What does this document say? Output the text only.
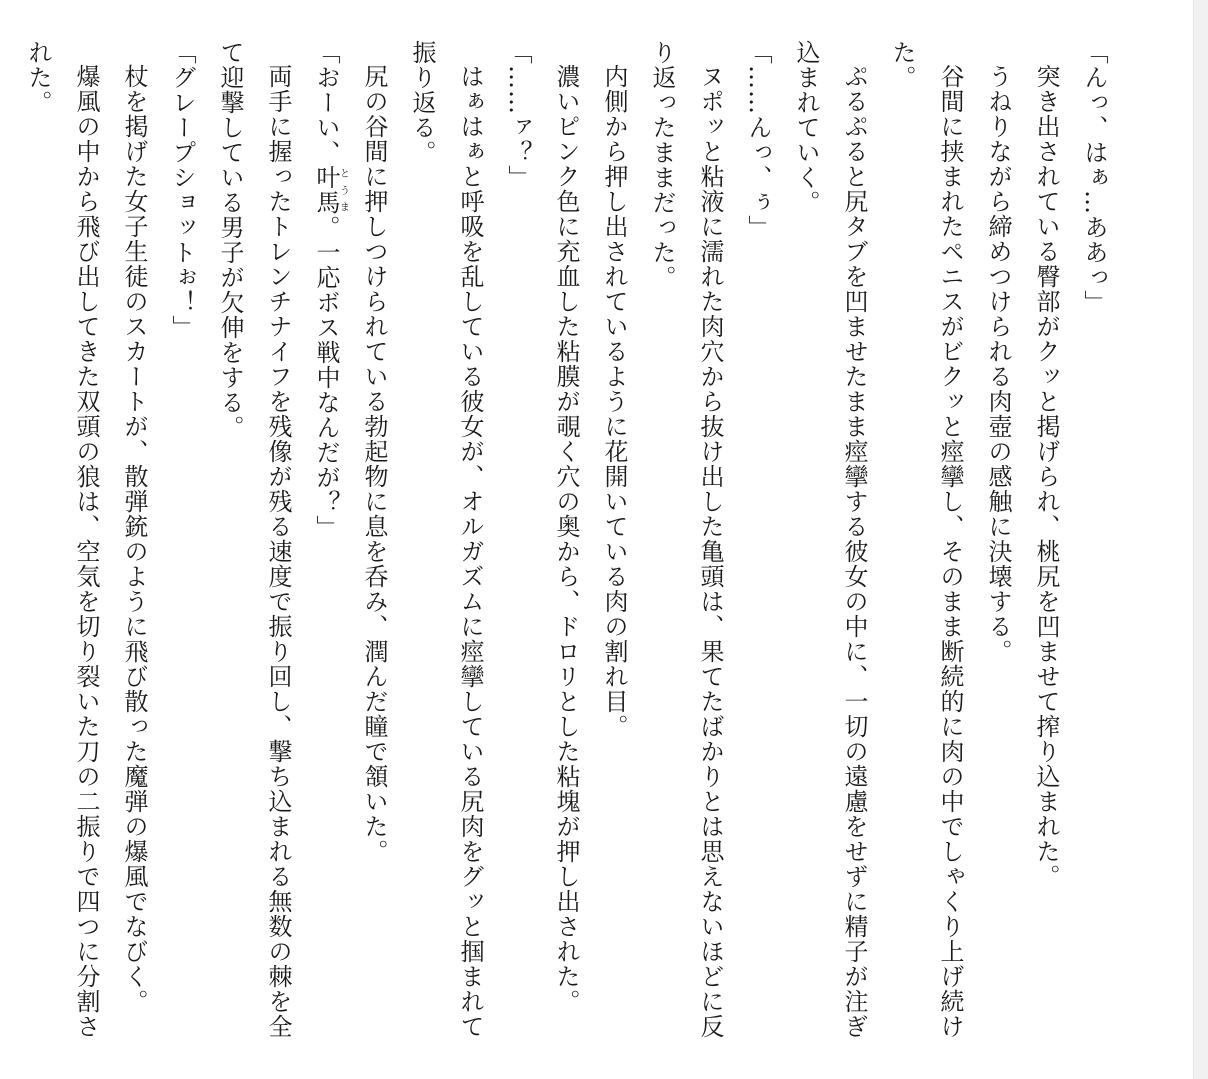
「んっ、はぁ…ああっ」

突き出されている臀部がクッと掲げられ、桃尻を凹ませて搾り込まれた。

うねりながら締めつけられる肉壺の感触に決壊する。

谷間に挟まれたペニスがビクッと痙攣し、そのまま断続的に肉の中でしゃくり上げ続けた。

ぷるぷると尻タブを凹ませたまま痙攣する彼女の中に、一切の遠慮をせずに精子が注ぎ込まれていく。

「……んっ、ぅ」

ヌポッと粘液に濡れた肉穴から抜け出した亀頭は、果てたばかりとは思えないほどに反り返ったままだった。

内側から押し出されているように花開いている肉の割れ目。

濃いピンク色に充血した粘膜が覗く穴の奥から、ドロリとした粘塊が押し出された。

「……ァ？」

はぁはぁと呼吸を乱している彼女が、オルガズムに痙攣している尻肉をグッと掴まれて振り返る。

尻の谷間に押しつけられている勃起物に息を呑み、潤んだ瞳で頷いた。

「おーい、叶馬とうま。一応ボス戦中なんだが？」

両手に握ったトレンチナイフを残像が残る速度で振り回し、撃ち込まれる無数の棘を全て迎撃している男子が欠伸をする。

「グレープショットぉ！」

杖を掲げた女子生徒のスカートが、散弾銃のように飛び散った魔弾の爆風でなびく。

爆風の中から飛び出してきた双頭の狼は、空気を切り裂いた刀の二振りで四つに分割された。
